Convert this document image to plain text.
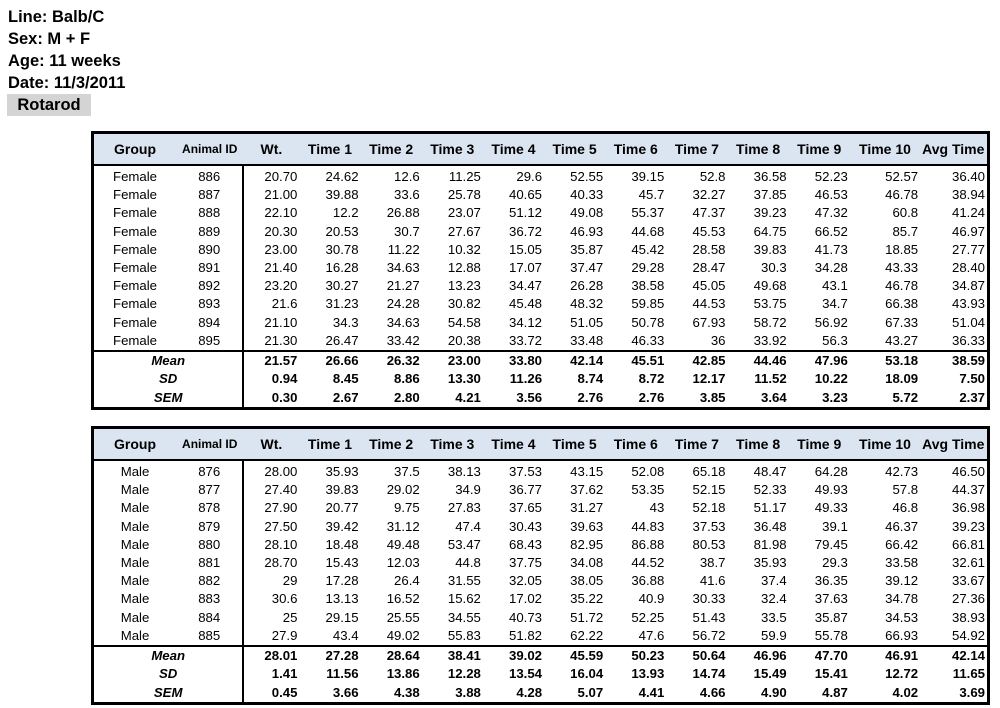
Line: Balb/C
Sex: M + F
Age: 11 weeks
Date: 11/3/2011
Rotarod
Group	Animal ID	Wt.	Time 1	Time 2	Time 3	Time 4	Time 5	Time 6	Time 7	Time 8	Time 9	Time 10	Avg Time
Female	886	20.70	24.62	12.6	11.25	29.6	52.55	39.15	52.8	36.58	52.23	52.57	36.40
Female	887	21.00	39.88	33.6	25.78	40.65	40.33	45.7	32.27	37.85	46.53	46.78	38.94
Female	888	22.10	12.2	26.88	23.07	51.12	49.08	55.37	47.37	39.23	47.32	60.8	41.24
Female	889	20.30	20.53	30.7	27.67	36.72	46.93	44.68	45.53	64.75	66.52	85.7	46.97
Female	890	23.00	30.78	11.22	10.32	15.05	35.87	45.42	28.58	39.83	41.73	18.85	27.77
Female	891	21.40	16.28	34.63	12.88	17.07	37.47	29.28	28.47	30.3	34.28	43.33	28.40
Female	892	23.20	30.27	21.27	13.23	34.47	26.28	38.58	45.05	49.68	43.1	46.78	34.87
Female	893	21.6	31.23	24.28	30.82	45.48	48.32	59.85	44.53	53.75	34.7	66.38	43.93
Female	894	21.10	34.3	34.63	54.58	34.12	51.05	50.78	67.93	58.72	56.92	67.33	51.04
Female	895	21.30	26.47	33.42	20.38	33.72	33.48	46.33	36	33.92	56.3	43.27	36.33
Mean		21.57	26.66	26.32	23.00	33.80	42.14	45.51	42.85	44.46	47.96	53.18	38.59
SD		0.94	8.45	8.86	13.30	11.26	8.74	8.72	12.17	11.52	10.22	18.09	7.50
SEM		0.30	2.67	2.80	4.21	3.56	2.76	2.76	3.85	3.64	3.23	5.72	2.37
Group	Animal ID	Wt.	Time 1	Time 2	Time 3	Time 4	Time 5	Time 6	Time 7	Time 8	Time 9	Time 10	Avg Time
Male	876	28.00	35.93	37.5	38.13	37.53	43.15	52.08	65.18	48.47	64.28	42.73	46.50
Male	877	27.40	39.83	29.02	34.9	36.77	37.62	53.35	52.15	52.33	49.93	57.8	44.37
Male	878	27.90	20.77	9.75	27.83	37.65	31.27	43	52.18	51.17	49.33	46.8	36.98
Male	879	27.50	39.42	31.12	47.4	30.43	39.63	44.83	37.53	36.48	39.1	46.37	39.23
Male	880	28.10	18.48	49.48	53.47	68.43	82.95	86.88	80.53	81.98	79.45	66.42	66.81
Male	881	28.70	15.43	12.03	44.8	37.75	34.08	44.52	38.7	35.93	29.3	33.58	32.61
Male	882	29	17.28	26.4	31.55	32.05	38.05	36.88	41.6	37.4	36.35	39.12	33.67
Male	883	30.6	13.13	16.52	15.62	17.02	35.22	40.9	30.33	32.4	37.63	34.78	27.36
Male	884	25	29.15	25.55	34.55	40.73	51.72	52.25	51.43	33.5	35.87	34.53	38.93
Male	885	27.9	43.4	49.02	55.83	51.82	62.22	47.6	56.72	59.9	55.78	66.93	54.92
Mean		28.01	27.28	28.64	38.41	39.02	45.59	50.23	50.64	46.96	47.70	46.91	42.14
SD		1.41	11.56	13.86	12.28	13.54	16.04	13.93	14.74	15.49	15.41	12.72	11.65
SEM		0.45	3.66	4.38	3.88	4.28	5.07	4.41	4.66	4.90	4.87	4.02	3.69
